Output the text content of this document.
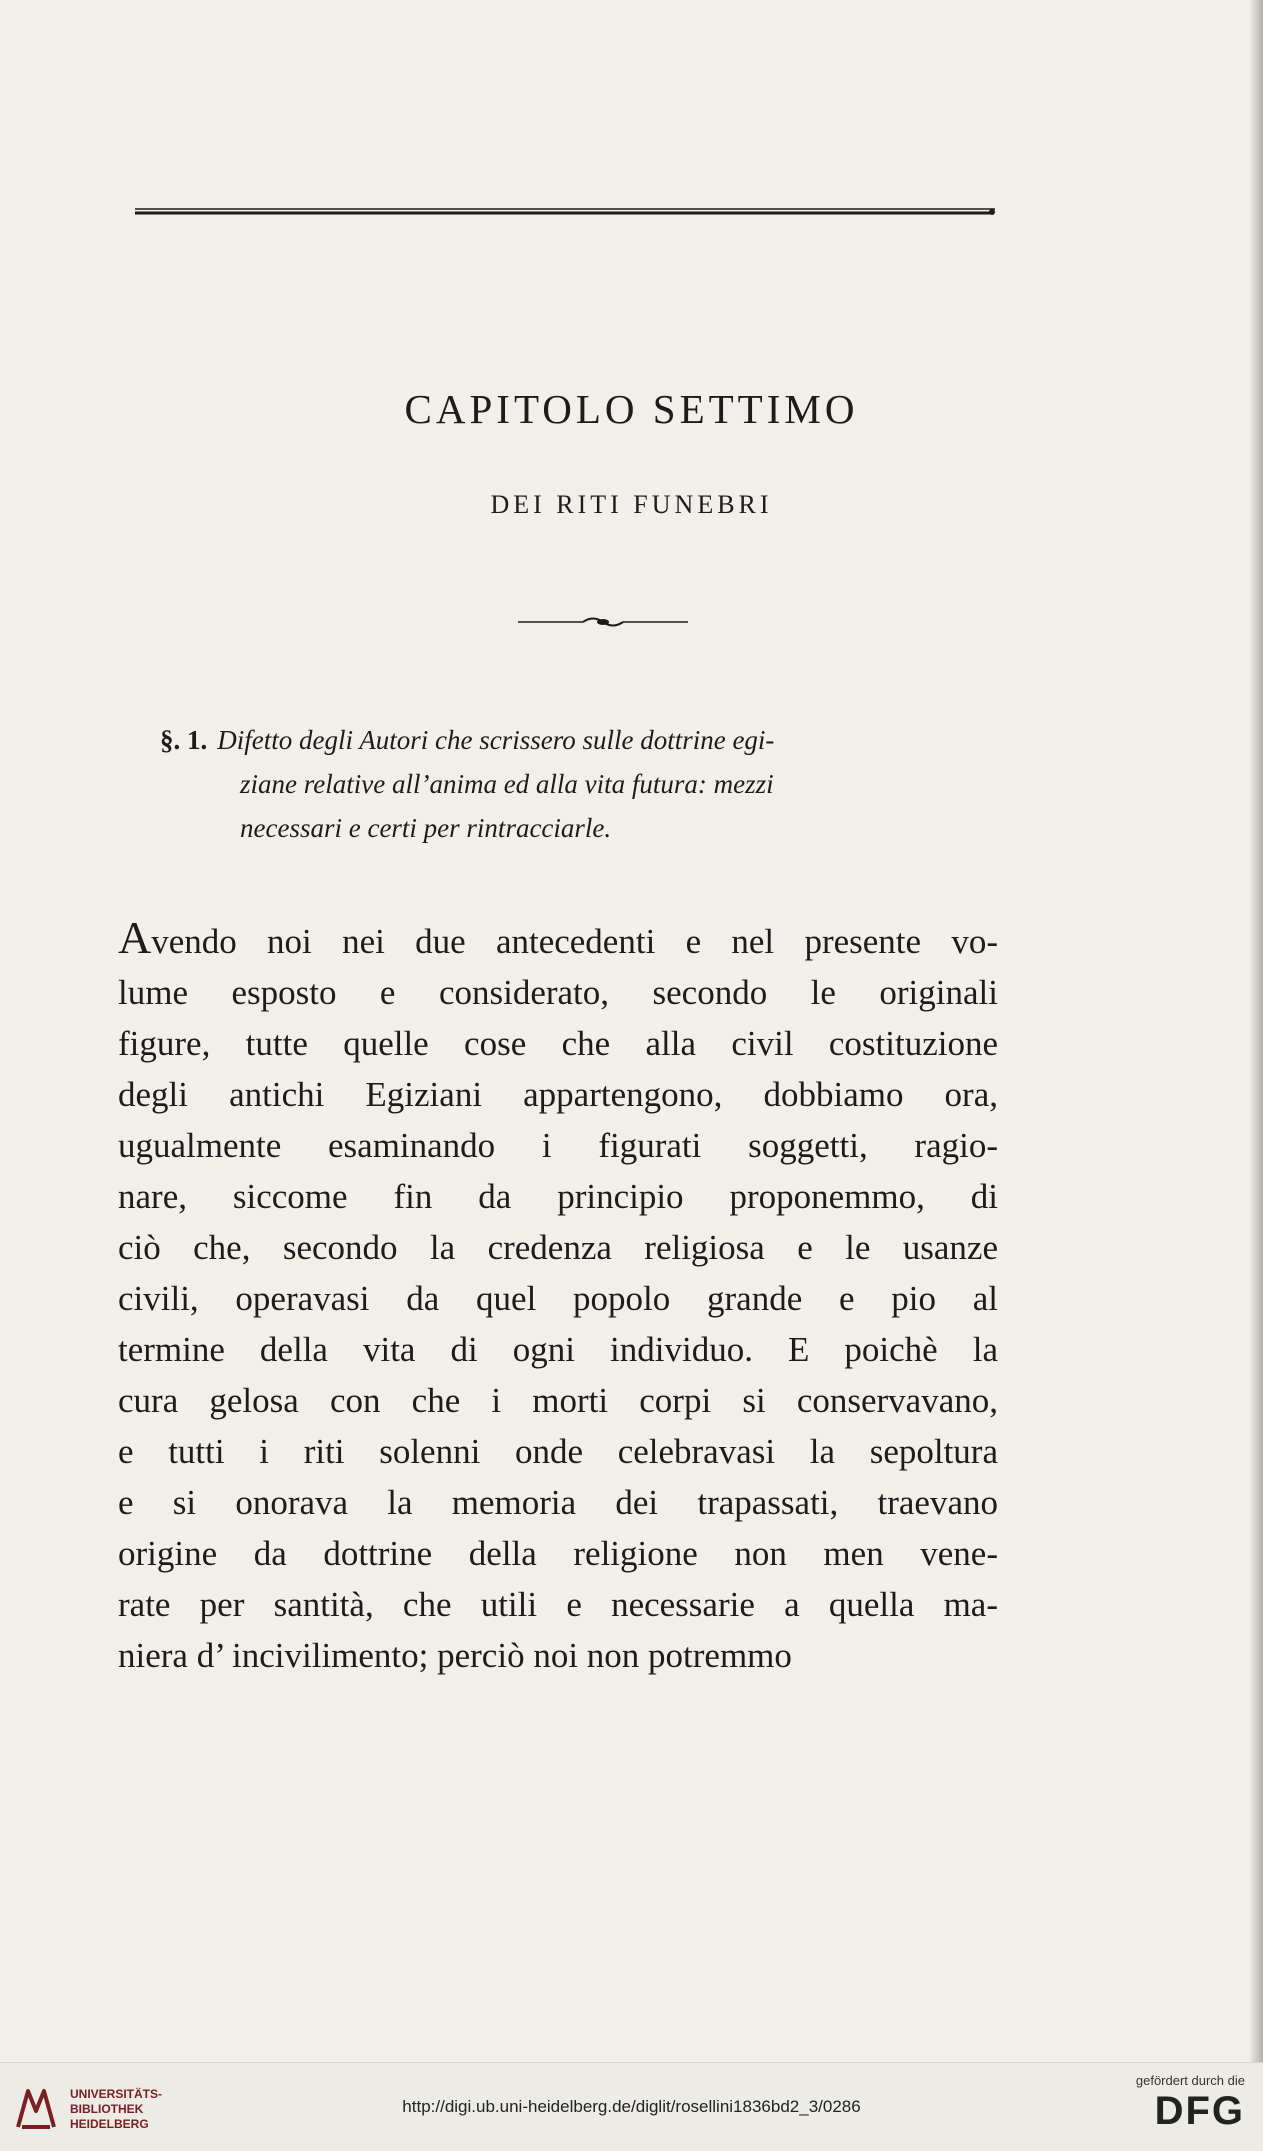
CAPITOLO SETTIMO
DEI RITI FUNEBRI
§. 1. Difetto degli Autori che scrissero sulle dottrine egi-
ziane relative all’anima ed alla vita futura: mezzi
necessari e certi per rintracciarle.
Avendo noi nei due antecedenti e nel presente vo-
lume esposto e considerato, secondo le originali
figure, tutte quelle cose che alla civil costituzione
degli antichi Egiziani appartengono, dobbiamo ora,
ugualmente esaminando i figurati soggetti, ragio-
nare, siccome fin da principio proponemmo, di
ciò che, secondo la credenza religiosa e le usanze
civili, operavasi da quel popolo grande e pio al
termine della vita di ogni individuo. E poichè la
cura gelosa con che i morti corpi si conservavano,
e tutti i riti solenni onde celebravasi la sepoltura
e si onorava la memoria dei trapassati, traevano
origine da dottrine della religione non men vene-
rate per santità, che utili e necessarie a quella ma-
niera d’ incivilimento; perciò noi non potremmo
UNIVERSITÄTS-
BIBLIOTHEK
HEIDELBERG
http://digi.ub.uni-heidelberg.de/diglit/rosellini1836bd2_3/0286
gefördert durch die
DFG
